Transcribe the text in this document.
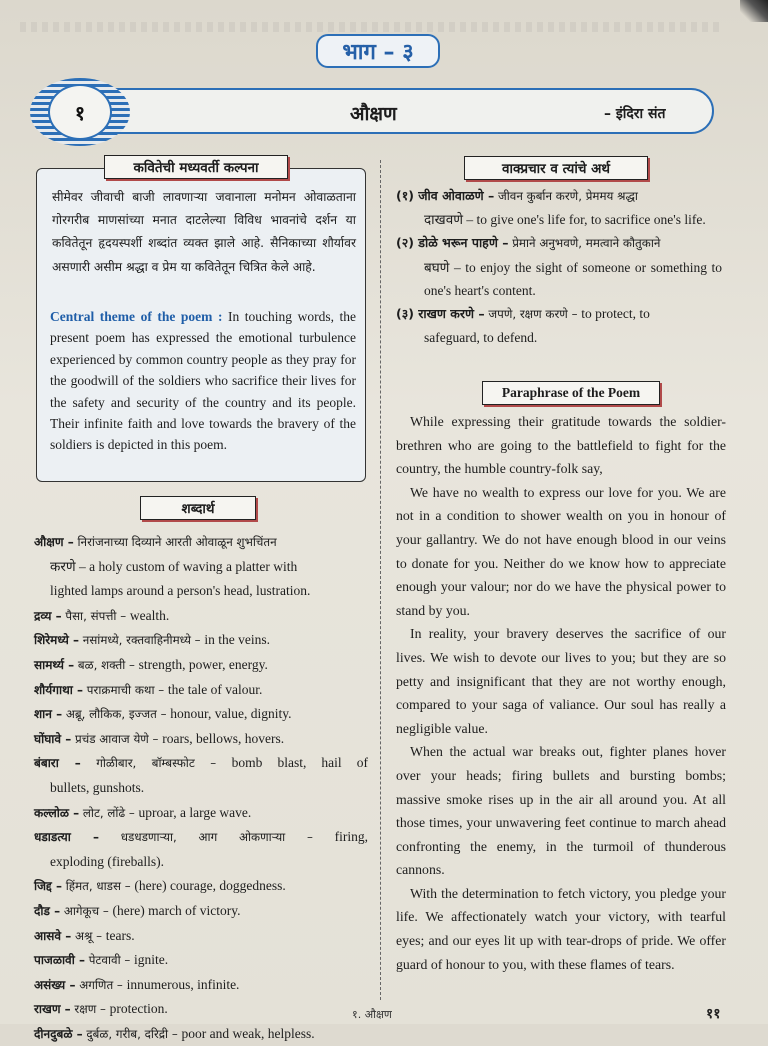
भाग – ३
१	औक्षण	– इंदिरा संत
कवितेची मध्यवर्ती कल्पना
सीमेवर जीवाची बाजी लावणाऱ्या जवानाला मनोमन ओवाळताना गोरगरीब माणसांच्या मनात दाटलेल्या विविध भावनांचे दर्शन या कवितेतून हृदयस्पर्शी शब्दांत व्यक्त झाले आहे. सैनिकाच्या शौर्यावर असणारी असीम श्रद्धा व प्रेम या कवितेतून चित्रित केले आहे.
Central theme of the poem : In touching words, the present poem has expressed the emotional turbulence experienced by common country people as they pray for the goodwill of the soldiers who sacrifice their lives for the safety and security of the country and its people. Their infinite faith and love towards the bravery of the soldiers is depicted in this poem.
शब्दार्थ
औक्षण – निरांजनाच्या दिव्याने आरती ओवाळून शुभचिंतन
करणे – a holy custom of waving a platter with
lighted lamps around a person's head, lustration.
द्रव्य – पैसा, संपत्ती – wealth.
शिरेमध्ये – नसांमध्ये, रक्तवाहिनीमध्ये – in the veins.
सामर्थ्य – बळ, शक्ती – strength, power, energy.
शौर्यगाथा – पराक्रमाची कथा – the tale of valour.
शान – अब्रू, लौकिक, इज्जत – honour, value, dignity.
घोंघावे – प्रचंड आवाज येणे – roars, bellows, hovers.
बंबारा – गोळीबार, बॉम्बस्फोट – bomb blast, hail of
bullets, gunshots.
कल्लोळ – लोट, लोंढे – uproar, a large wave.
धडाडत्या – धडधडणाऱ्या, आग ओकणाऱ्या – firing,
exploding (fireballs).
जिद्द – हिंमत, धाडस – (here) courage, doggedness.
दौड – आगेकूच – (here) march of victory.
आसवे – अश्रू – tears.
पाजळावी – पेटवावी – ignite.
असंख्य – अगणित – innumerous, infinite.
राखण – रक्षण – protection.
दीनदुबळे – दुर्बळ, गरीब, दरिद्री – poor and weak, helpless.
वाक्प्रचार व त्यांचे अर्थ
(१) जीव ओवाळणे – जीवन कुर्बान करणे, प्रेममय श्रद्धा
दाखवणे – to give one's life for, to sacrifice one's life.
(२) डोळे भरून पाहणे – प्रेमाने अनुभवणे, ममत्वाने कौतुकाने
बघणे – to enjoy the sight of someone or something to one's heart's content.
(३) राखण करणे – जपणे, रक्षण करणे – to protect, to
safeguard, to defend.
Paraphrase of the Poem

While expressing their gratitude towards the soldier-brethren who are going to the battlefield to fight for the country, the humble country-folk say,

We have no wealth to express our love for you. We are not in a condition to shower wealth on you in honour of your gallantry. We do not have enough blood in our veins to donate for you. Neither do we know how to appreciate enough your valour; nor do we have the physical power to stand by you.

In reality, your bravery deserves the sacrifice of our lives. We wish to devote our lives to you; but they are so petty and insignificant that they are not worthy enough, compared to your saga of valiance. Our soul has really a negligible value.

When the actual war breaks out, fighter planes hover over your heads; firing bullets and bursting bombs; massive smoke rises up in the air all around you. At all those times, your unwavering feet continue to march ahead confronting the enemy, in the turmoil of thunderous cannons.

With the determination to fetch victory, you pledge your life. We affectionately watch your victory, with tearful eyes; and our eyes lit up with tear-drops of pride. We offer guard of honour to you, with these flames of tears.

१. औक्षण	११
